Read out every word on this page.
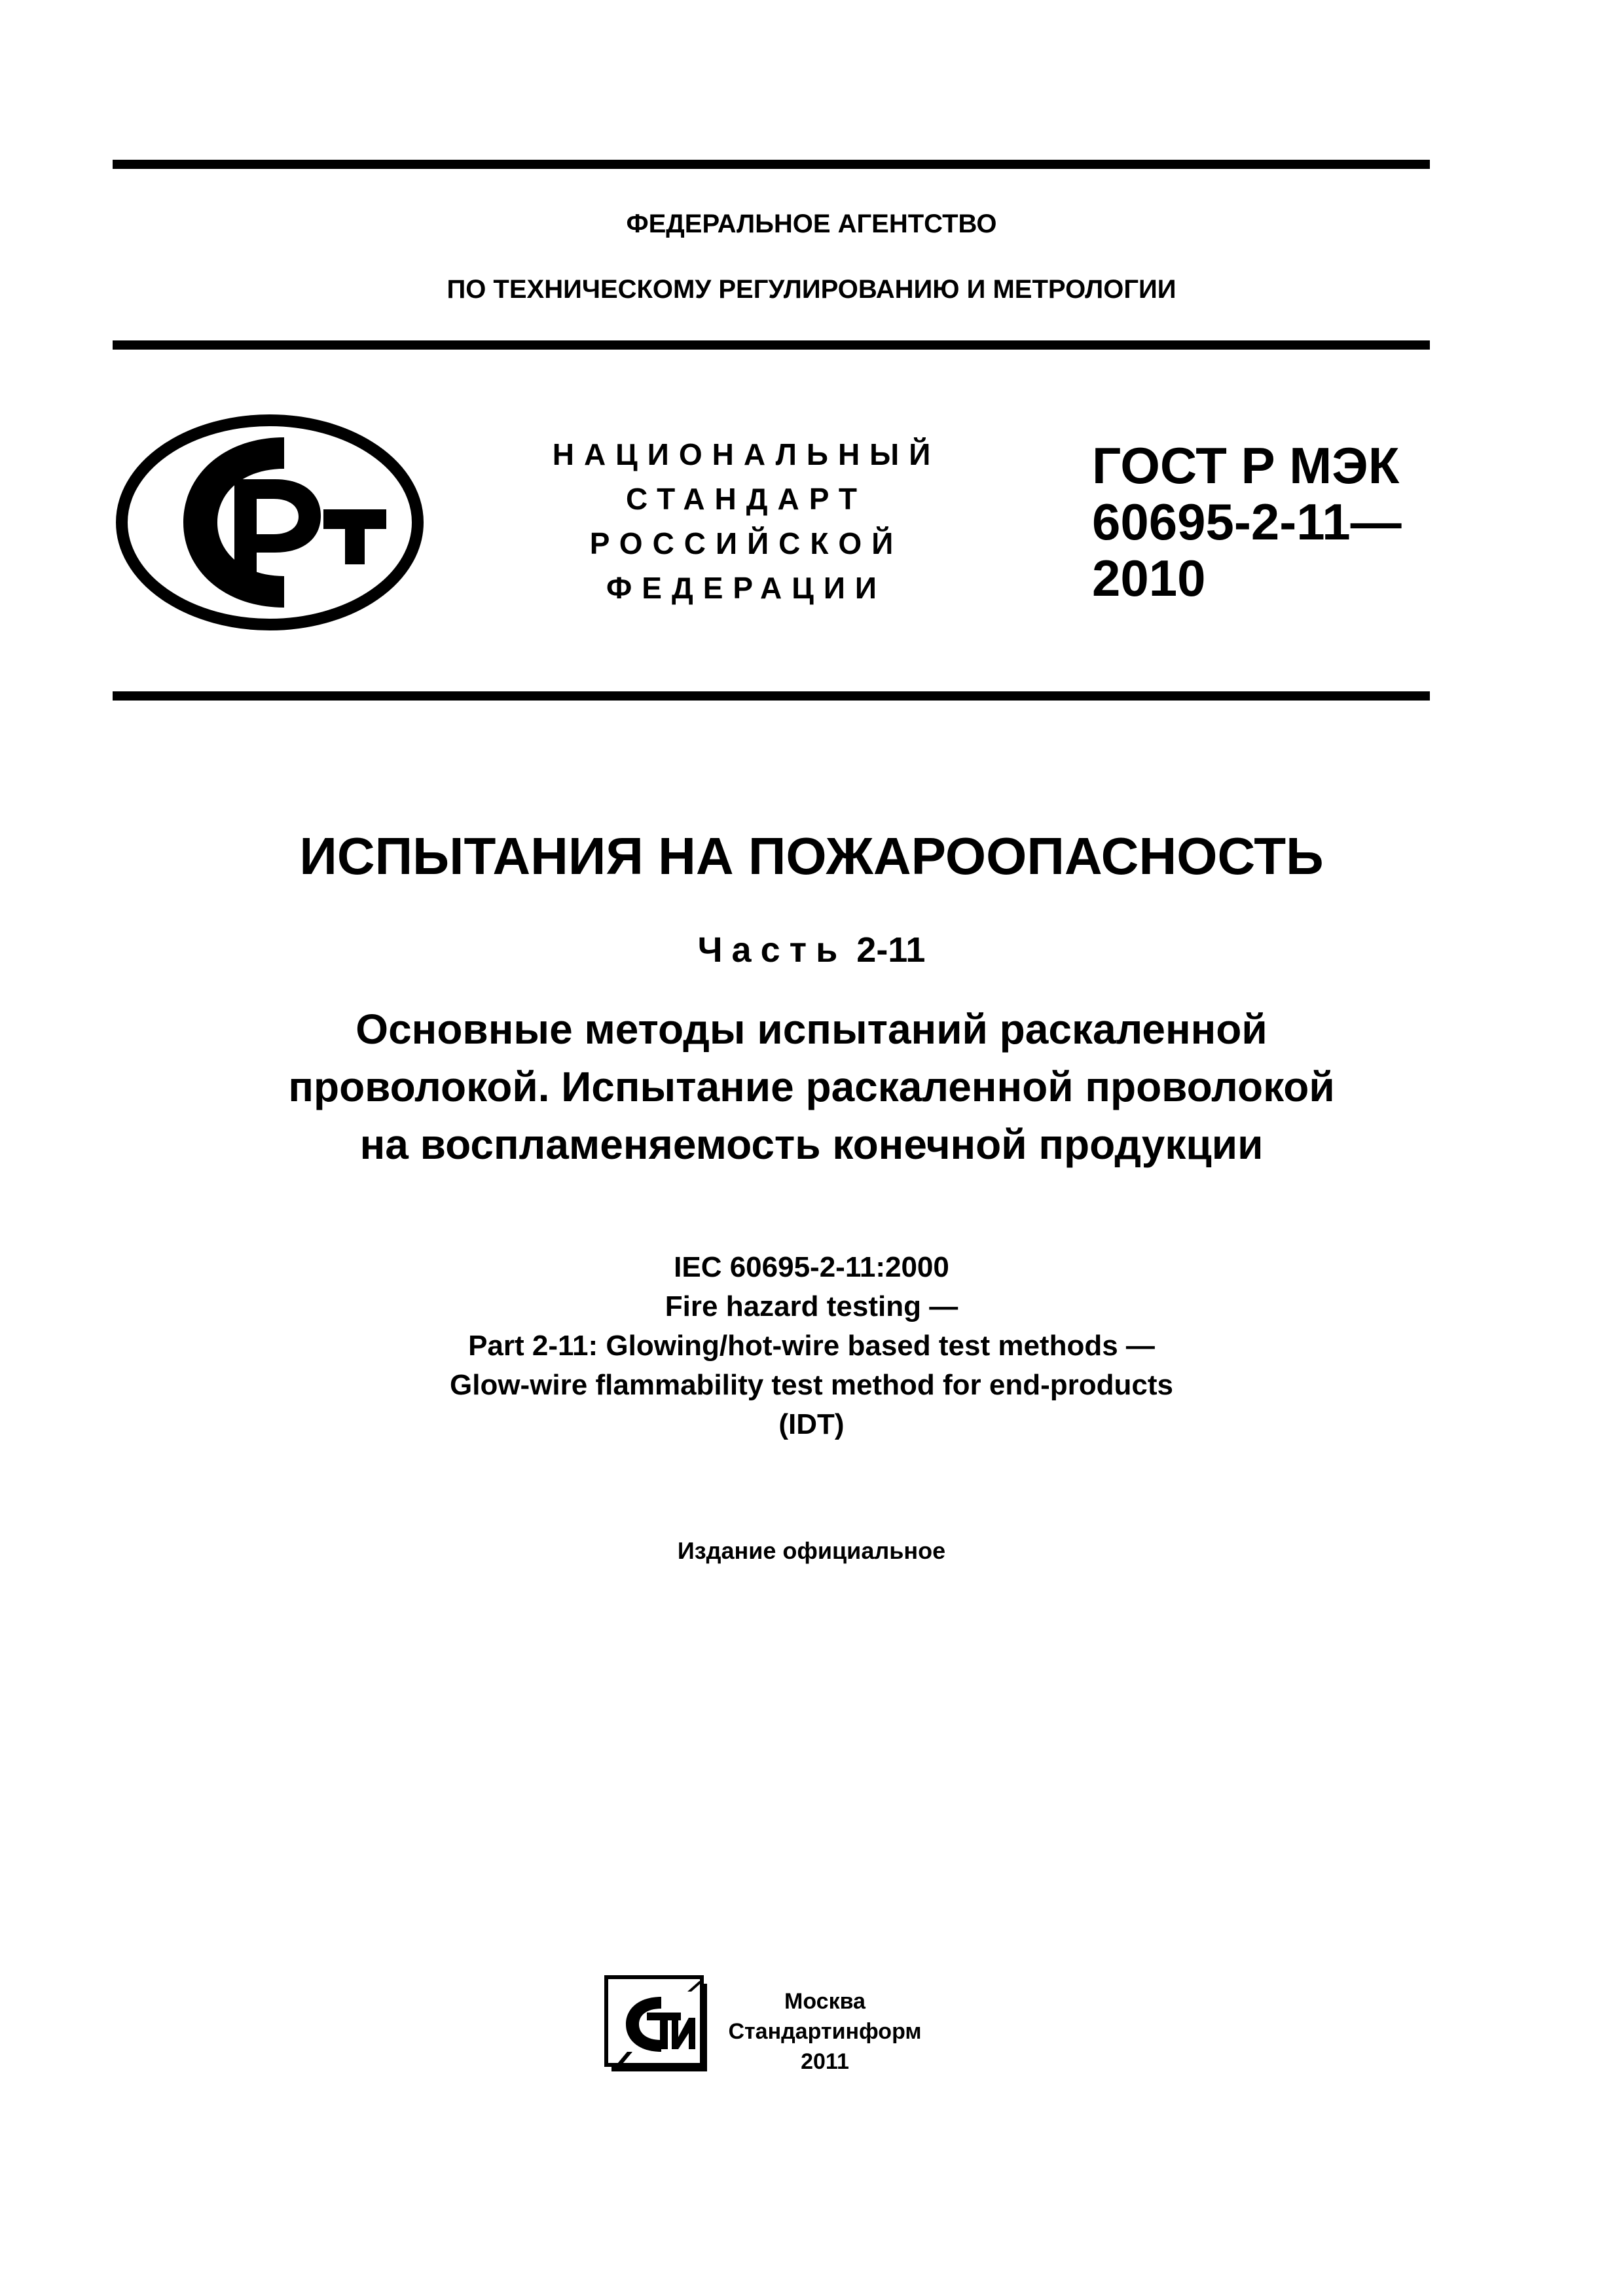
ФЕДЕРАЛЬНОЕ АГЕНТСТВО
ПО ТЕХНИЧЕСКОМУ РЕГУЛИРОВАНИЮ И МЕТРОЛОГИИ
НАЦИОНАЛЬНЫЙ
СТАНДАРТ
РОССИЙСКОЙ
ФЕДЕРАЦИИ
ГОСТ Р МЭК
60695-2-11—
2010
ИСПЫТАНИЯ НА ПОЖАРООПАСНОСТЬ
Часть 2-11
Основные методы испытаний раскаленной
проволокой. Испытание раскаленной проволокой
на воспламеняемость конечной продукции
IEC 60695-2-11:2000
Fire hazard testing —
Part 2-11: Glowing/hot-wire based test methods —
Glow-wire flammability test method for end-products
(IDT)
Издание официальное
Москва
Стандартинформ
2011
